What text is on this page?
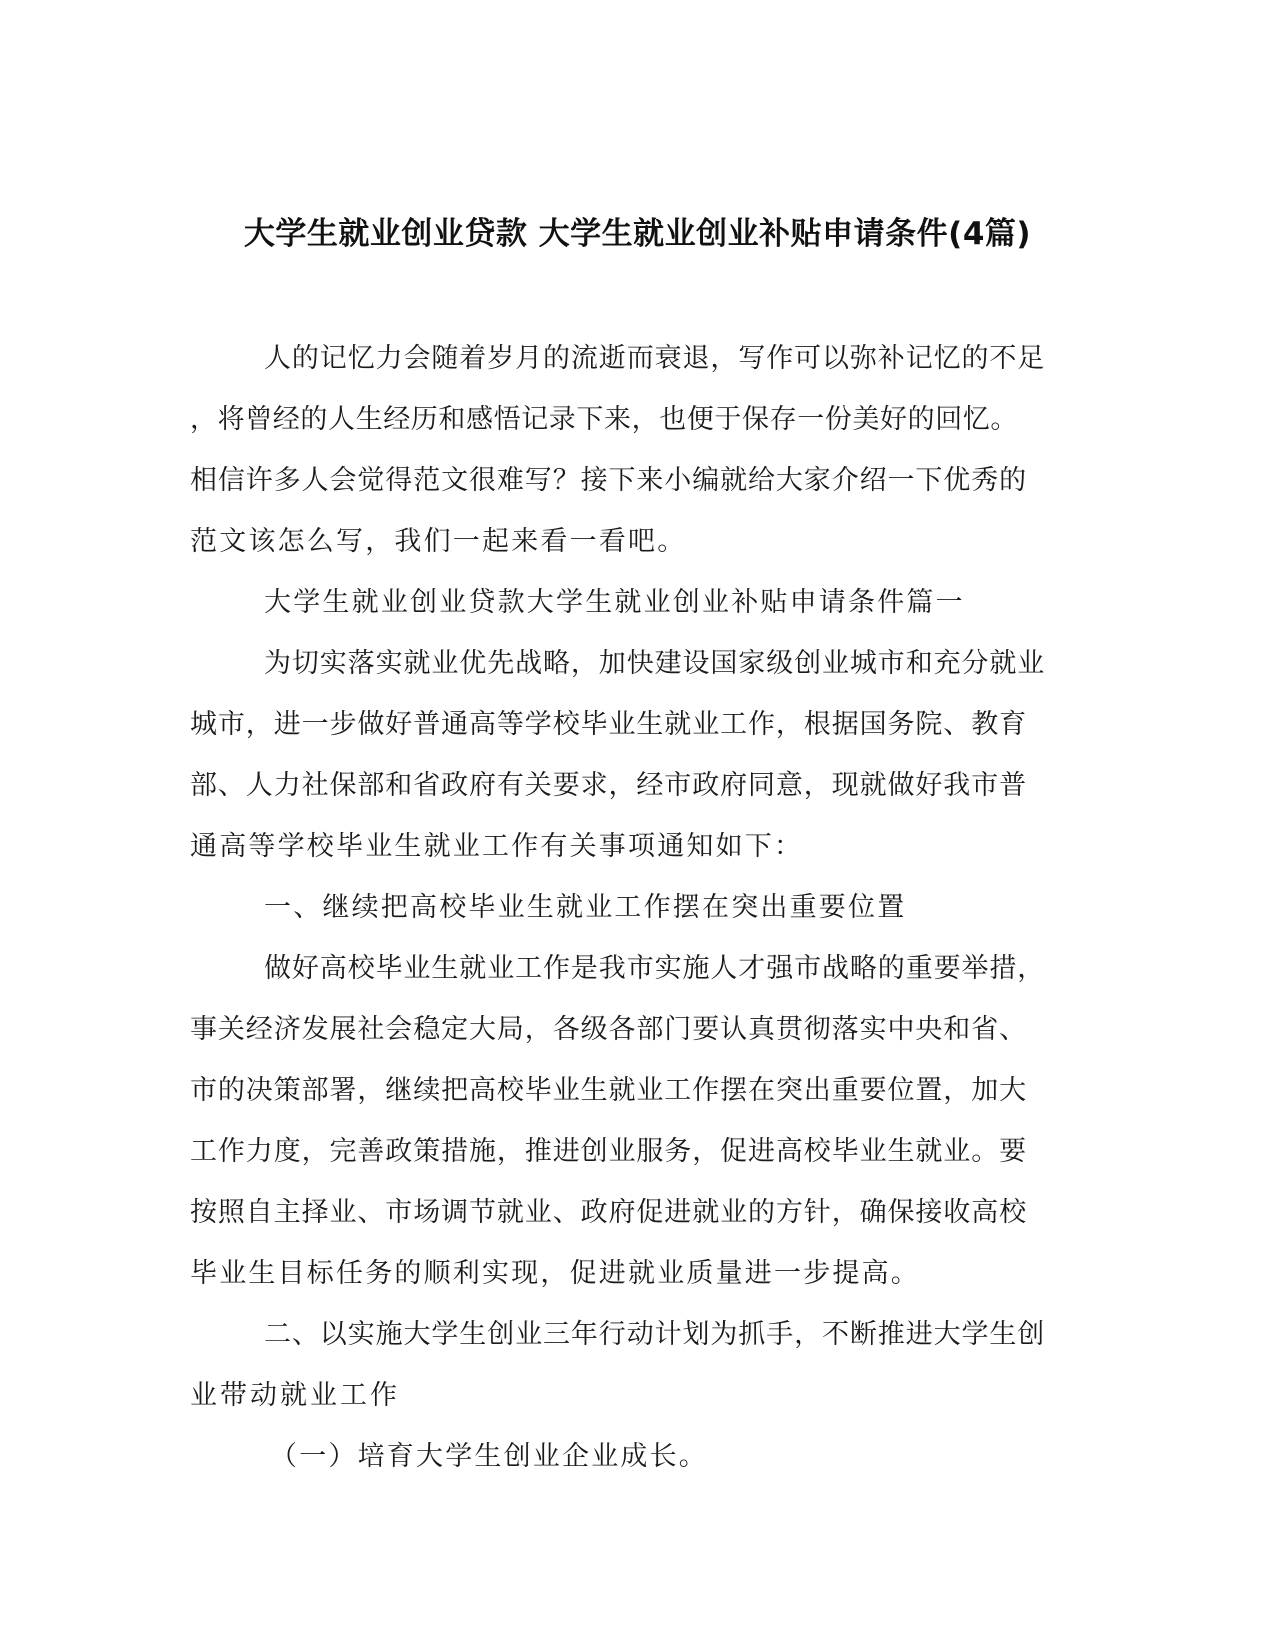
大学生就业创业贷款 大学生就业创业补贴申请条件(4篇)
人的记忆力会随着岁月的流逝而衰退，写作可以弥补记忆的不足
，将曾经的人生经历和感悟记录下来，也便于保存一份美好的回忆。
相信许多人会觉得范文很难写？接下来小编就给大家介绍一下优秀的
范文该怎么写，我们一起来看一看吧。
大学生就业创业贷款大学生就业创业补贴申请条件篇一
为切实落实就业优先战略，加快建设国家级创业城市和充分就业
城市，进一步做好普通高等学校毕业生就业工作，根据国务院、教育
部、人力社保部和省政府有关要求，经市政府同意，现就做好我市普
通高等学校毕业生就业工作有关事项通知如下：
一、继续把高校毕业生就业工作摆在突出重要位置
做好高校毕业生就业工作是我市实施人才强市战略的重要举措，
事关经济发展社会稳定大局，各级各部门要认真贯彻落实中央和省、
市的决策部署，继续把高校毕业生就业工作摆在突出重要位置，加大
工作力度，完善政策措施，推进创业服务，促进高校毕业生就业。要
按照自主择业、市场调节就业、政府促进就业的方针，确保接收高校
毕业生目标任务的顺利实现，促进就业质量进一步提高。
二、以实施大学生创业三年行动计划为抓手，不断推进大学生创
业带动就业工作
（一）培育大学生创业企业成长。
